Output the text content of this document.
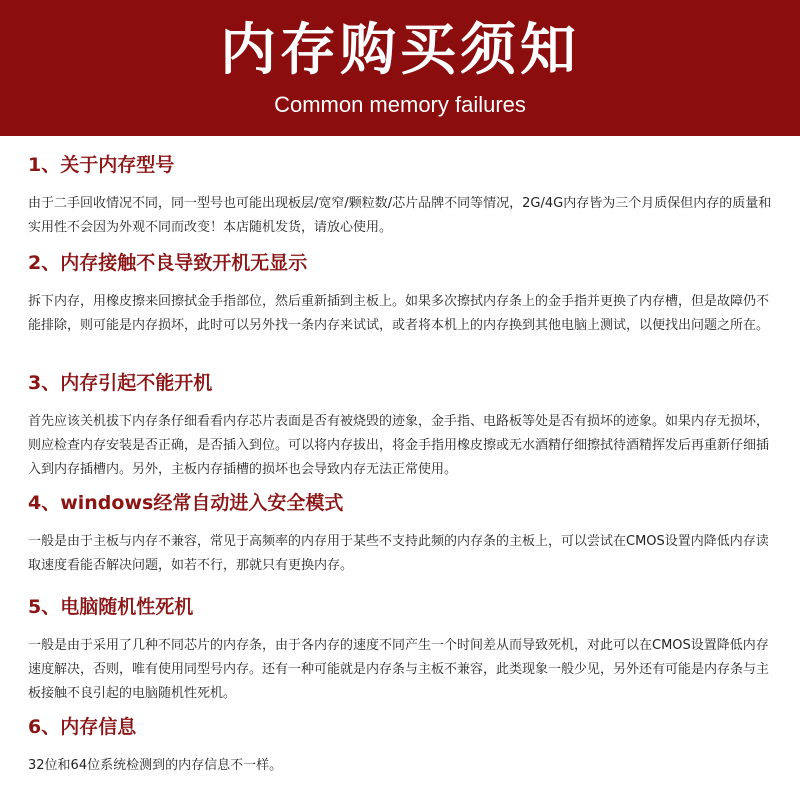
内存购买须知
Common memory failures
1、关于内存型号

由于二手回收情况不同，同一型号也可能出现板层/宽窄/颗粒数/芯片品牌不同等情况，2G/4G内存皆为三个月质保但内存的质量和实用性不会因为外观不同而改变！本店随机发货，请放心使用。

2、内存接触不良导致开机无显示

拆下内存，用橡皮擦来回擦拭金手指部位，然后重新插到主板上。如果多次擦拭内存条上的金手指并更换了内存槽，但是故障仍不能排除，则可能是内存损坏，此时可以另外找一条内存来试试，或者将本机上的内存换到其他电脑上测试，以便找出问题之所在。

3、内存引起不能开机

首先应该关机拔下内存条仔细看看内存芯片表面是否有被烧毁的迹象，金手指、电路板等处是否有损坏的迹象。如果内存无损坏，则应检查内存安装是否正确，是否插入到位。可以将内存拔出，将金手指用橡皮擦或无水酒精仔细擦拭待酒精挥发后再重新仔细插入到内存插槽内。另外，主板内存插槽的损坏也会导致内存无法正常使用。

4、windows经常自动进入安全模式

一般是由于主板与内存不兼容，常见于高频率的内存用于某些不支持此频的内存条的主板上，可以尝试在CMOS设置内降低内存读取速度看能否解决问题，如若不行，那就只有更换内存。

5、电脑随机性死机

一般是由于采用了几种不同芯片的内存条，由于各内存的速度不同产生一个时间差从而导致死机，对此可以在CMOS设置降低内存速度解决，否则，唯有使用同型号内存。还有一种可能就是内存条与主板不兼容，此类现象一般少见，另外还有可能是内存条与主板接触不良引起的电脑随机性死机。

6、内存信息

32位和64位系统检测到的内存信息不一样。
